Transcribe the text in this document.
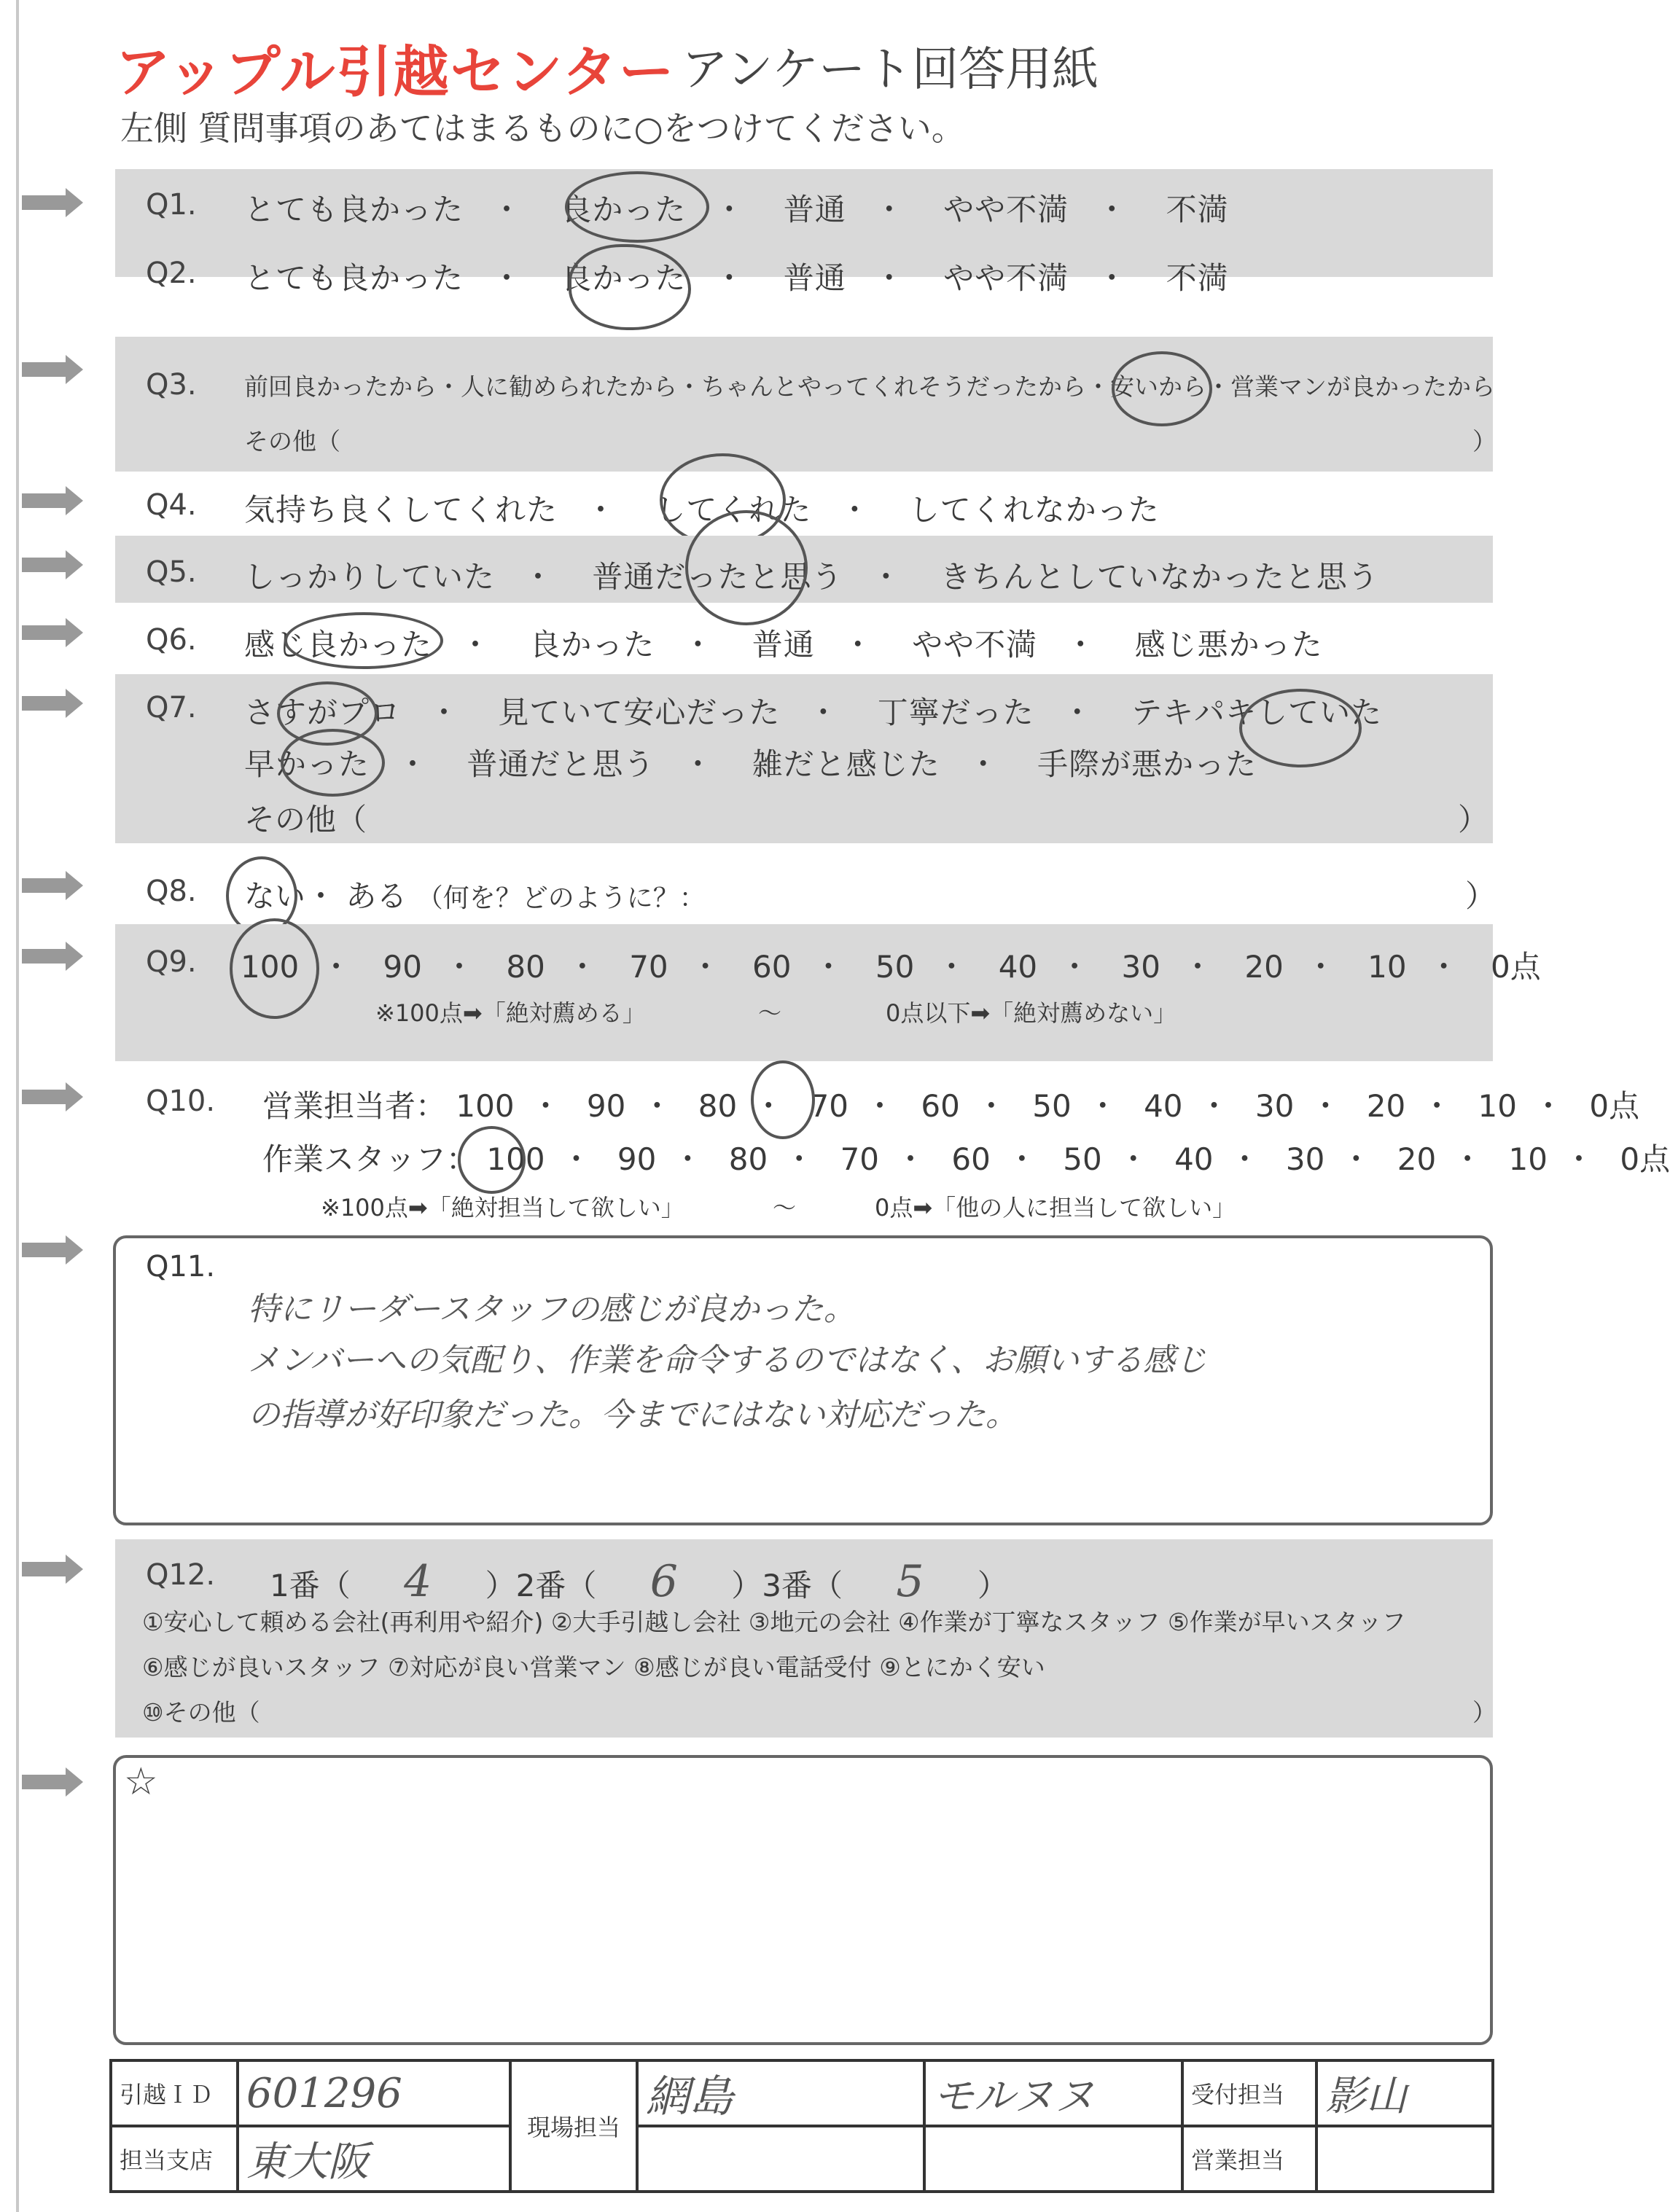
アップル引越センター アンケート回答用紙
左側 質問事項のあてはまるものに○をつけてください。
Q1. とても良かった ・ 良かった ・ 普通 ・ やや不満 ・ 不満
Q2. とても良かった ・ 良かった ・ 普通 ・ やや不満 ・ 不満
Q3. 前回良かったから・人に勧められたから・ちゃんとやってくれそうだったから・安いから・営業マンが良かったから
その他（	）
Q4. 気持ち良くしてくれた ・ してくれた ・ してくれなかった
Q5. しっかりしていた ・ 普通だったと思う ・ きちんとしていなかったと思う
Q6. 感じ良かった ・ 良かった ・ 普通 ・ やや不満 ・ 感じ悪かった
Q7. さすがプロ ・ 見ていて安心だった ・ 丁寧だった ・ テキパキしていた
早かった ・ 普通だと思う ・ 雑だと感じた ・ 手際が悪かった
その他（	）
Q8. ない・ ある （何を？どのように？：	）
Q9. 100 ・ 90 ・ 80 ・ 70 ・ 60 ・ 50 ・ 40 ・ 30 ・ 20 ・ 10 ・ 0点
※100点➡「絶対薦める」	〜	0点以下➡「絶対薦めない」
Q10. 営業担当者： 100 ・ 90 ・ 80 ・ 70 ・ 60 ・ 50 ・ 40 ・ 30 ・ 20 ・ 10 ・ 0点
作業スタッフ： 100 ・ 90 ・ 80 ・ 70 ・ 60 ・ 50 ・ 40 ・ 30 ・ 20 ・ 10 ・ 0点
※100点➡「絶対担当して欲しい」	〜	0点➡「他の人に担当して欲しい」
Q11.
特にリーダースタッフの感じが良かった。
メンバーへの気配り、作業を命令するのではなく、お願いする感じ
の指導が好印象だった。今までにはない対応だった。
Q12. 1番（ 4 ）2番（ 6 ）3番（ 5 ）
①安心して頼める会社(再利用や紹介) ②大手引越し会社 ③地元の会社 ④作業が丁寧なスタッフ ⑤作業が早いスタッフ
⑥感じが良いスタッフ ⑦対応が良い営業マン ⑧感じが良い電話受付 ⑨とにかく安い
⑩その他（	）
☆
引越ＩＤ	601296	現場担当	網島	モルヌヌ	受付担当	影山
担当支店	東大阪				営業担当	
